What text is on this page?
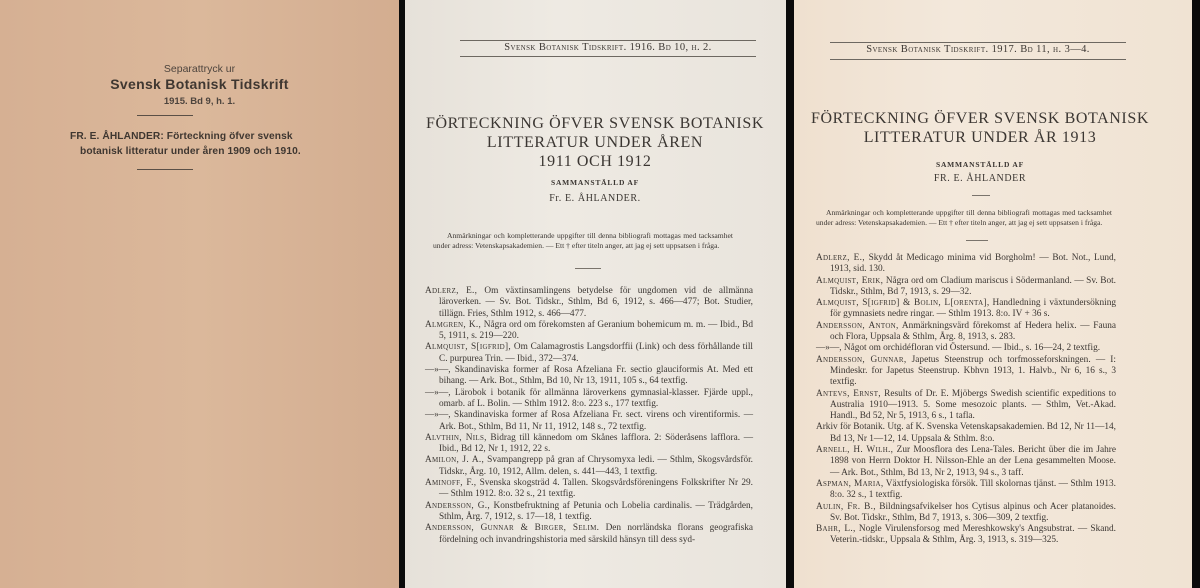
Separattryck ur
Svensk Botanisk Tidskrift
1915. Bd 9, h. 1.
FR. E. ÅHLANDER: Förteckning öfver svensk
botanisk litteratur under åren 1909 och 1910.
Svensk Botanisk Tidskrift. 1916. Bd 10, h. 2.
FÖRTECKNING ÖFVER SVENSK BOTANISK
LITTERATUR UNDER ÅREN
1911 OCH 1912
SAMMANSTÄLLD AF
Fr. E. ÅHLANDER.
Anmärkningar och kompletterande uppgifter till denna bibliografi mottagas med tacksamhet under adress: Vetenskapsakademien. — Ett † efter titeln anger, att jag ej sett uppsatsen i fråga.

Adlerz, E., Om växtinsamlingens betydelse för ungdomen vid de allmänna läroverken. — Sv. Bot. Tidskr., Sthlm, Bd 6, 1912, s. 466—477; Bot. Studier, tillägn. Fries, Sthlm 1912, s. 466—477.

Almgren, K., Några ord om förekomsten af Geranium bohemicum m. m. — Ibid., Bd 5, 1911, s. 219—220.

Almquist, S[igfrid], Om Calamagrostis Langsdorffii (Link) och dess förhållande till C. purpurea Trin. — Ibid., 372—374.

—»—, Skandinaviska former af Rosa Afzeliana Fr. sectio glauciformis At. Med ett bihang. — Ark. Bot., Sthlm, Bd 10, Nr 13, 1911, 105 s., 64 textfig.

—»—, Lärobok i botanik för allmänna läroverkens gymnasial-klasser. Fjärde uppl., omarb. af L. Bolin. — Sthlm 1912. 8:o. 223 s., 177 textfig.

—»—, Skandinaviska former af Rosa Afzeliana Fr. sect. virens och virentiformis. — Ark. Bot., Sthlm, Bd 11, Nr 11, 1912, 148 s., 72 textfig.

Alvthin, Nils, Bidrag till kännedom om Skånes lafflora. 2: Söderåsens lafflora. — Ibid., Bd 12, Nr 1, 1912, 22 s.

Amilon, J. A., Svampangrepp på gran af Chrysomyxa ledi. — Sthlm, Skogsvårdsför. Tidskr., Årg. 10, 1912, Allm. delen, s. 441—443, 1 textfig.

Aminoff, F., Svenska skogsträd 4. Tallen. Skogsvårdsföreningens Folkskrifter Nr 29. — Sthlm 1912. 8:o. 32 s., 21 textfig.

Andersson, G., Konstbefruktning af Petunia och Lobelia cardinalis. — Trädgården, Sthlm, Årg. 7, 1912, s. 17—18, 1 textfig.

Andersson, Gunnar & Birger, Selim. Den norrländska florans geografiska fördelning och invandringshistoria med särskild hänsyn till dess syd-

Svensk Botanisk Tidskrift. 1917. Bd 11, h. 3—4.
FÖRTECKNING ÖFVER SVENSK BOTANISK
LITTERATUR UNDER ÅR 1913
SAMMANSTÄLLD AF
FR. E. ÅHLANDER
Anmärkningar och kompletterande uppgifter till denna bibliografi mottagas med tacksamhet under adress: Vetenskapsakademien. — Ett † efter titeln anger, att jag ej sett uppsatsen i fråga.

Adlerz, E., Skydd åt Medicago minima vid Borgholm! — Bot. Not., Lund, 1913, sid. 130.

Almquist, Erik, Några ord om Cladium mariscus i Södermanland. — Sv. Bot. Tidskr., Sthlm, Bd 7, 1913, s. 29—32.

Almquist, S[igfrid] & Bolin, L[orenta], Handledning i växtundersökning för gymnasiets nedre ringar. — Sthlm 1913. 8:o. IV + 36 s.

Andersson, Anton, Anmärkningsvärd förekomst af Hedera helix. — Fauna och Flora, Uppsala & Sthlm, Årg. 8, 1913, s. 283.

—»—, Något om orchidéfloran vid Östersund. — Ibid., s. 16—24, 2 textfig.

Andersson, Gunnar, Japetus Steenstrup och torfmosseforskningen. — I: Mindeskr. for Japetus Steenstrup. Kbhvn 1913, 1. Halvb., Nr 6, 16 s., 3 textfig.

Antevs, Ernst, Results of Dr. E. Mjöbergs Swedish scientific expeditions to Australia 1910—1913. 5. Some mesozoic plants. — Sthlm, Vet.-Akad. Handl., Bd 52, Nr 5, 1913, 6 s., 1 tafla.

Arkiv för Botanik. Utg. af K. Svenska Vetenskapsakademien. Bd 12, Nr 11—14, Bd 13, Nr 1—12, 14. Uppsala & Sthlm. 8:o.

Arnell, H. Wilh., Zur Moosflora des Lena-Tales. Bericht über die im Jahre 1898 von Herrn Doktor H. Nilsson-Ehle an der Lena gesammelten Moose. — Ark. Bot., Sthlm, Bd 13, Nr 2, 1913, 94 s., 3 taff.

Aspman, Maria, Växtfysiologiska försök. Till skolornas tjänst. — Sthlm 1913. 8:o. 32 s., 1 textfig.

Aulin, Fr. B., Bildningsafvikelser hos Cytisus alpinus och Acer platanoides. Sv. Bot. Tidskr., Sthlm, Bd 7, 1913, s. 306—309, 2 textfig.

Bahr, L., Nogle Virulensforsog med Mereshkowsky's Angsubstrat. — Skand. Veterin.-tidskr., Uppsala & Sthlm, Årg. 3, 1913, s. 319—325.
